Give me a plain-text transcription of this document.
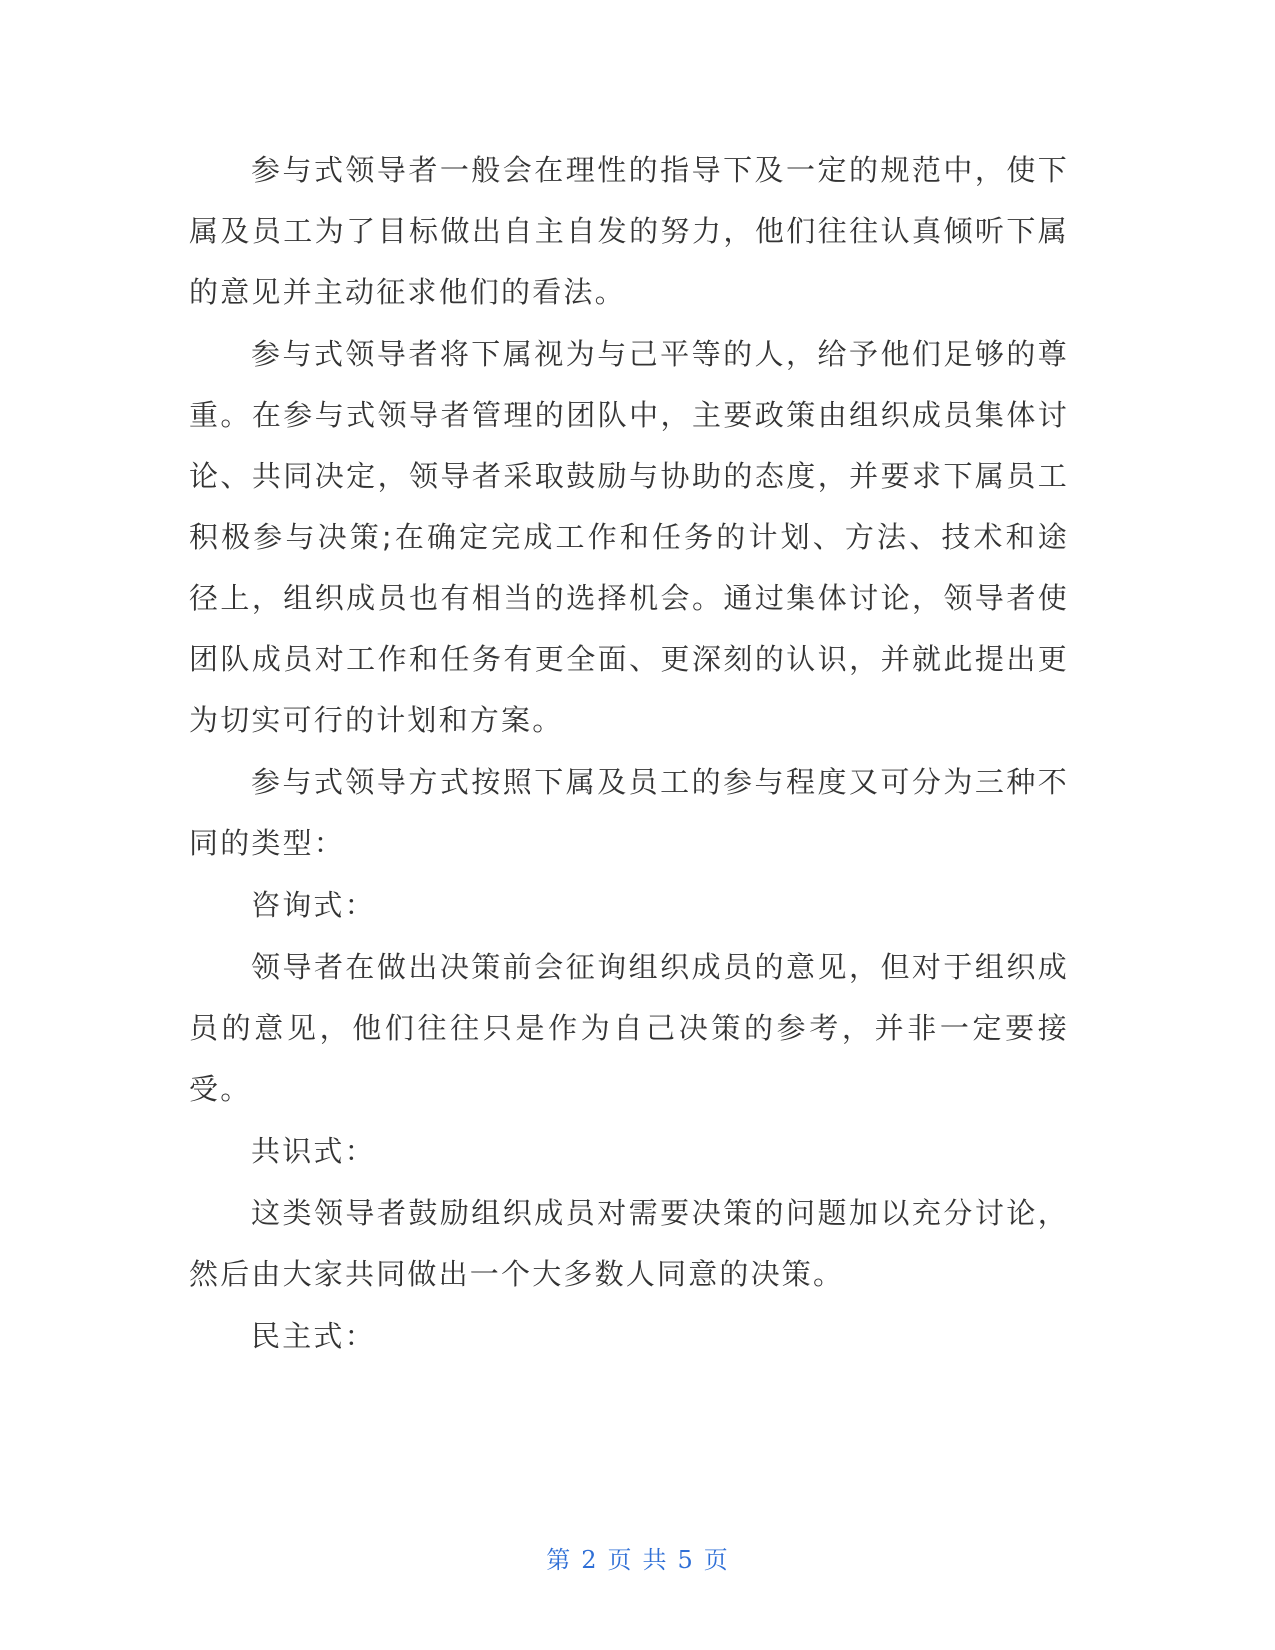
参与式领导者一般会在理性的指导下及一定的规范中，使下属及员工为了目标做出自主自发的努力，他们往往认真倾听下属的意见并主动征求他们的看法。

参与式领导者将下属视为与己平等的人，给予他们足够的尊重。在参与式领导者管理的团队中，主要政策由组织成员集体讨论、共同决定，领导者采取鼓励与协助的态度，并要求下属员工积极参与决策;在确定完成工作和任务的计划、方法、技术和途径上，组织成员也有相当的选择机会。通过集体讨论，领导者使团队成员对工作和任务有更全面、更深刻的认识，并就此提出更为切实可行的计划和方案。

参与式领导方式按照下属及员工的参与程度又可分为三种不同的类型：

咨询式：

领导者在做出决策前会征询组织成员的意见，但对于组织成员的意见，他们往往只是作为自己决策的参考，并非一定要接受。

共识式：

这类领导者鼓励组织成员对需要决策的问题加以充分讨论，然后由大家共同做出一个大多数人同意的决策。

民主式：

第 2 页 共 5 页
